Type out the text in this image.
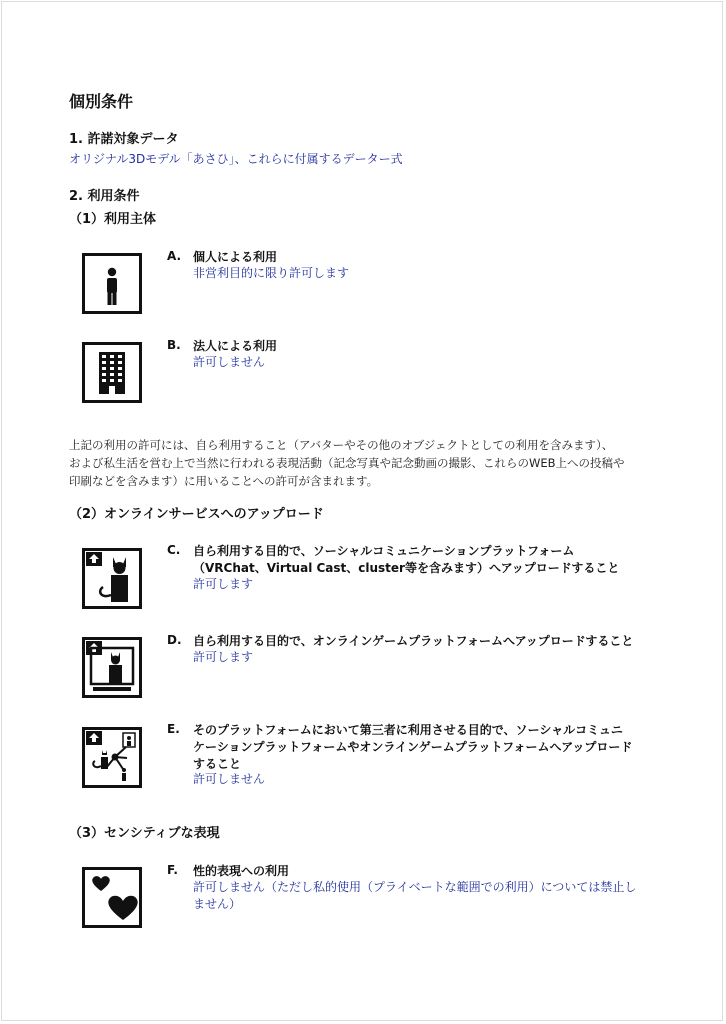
個別条件
1. 許諾対象データ
オリジナル3Dモデル「あさひ」、これらに付属するデーター式
2. 利用条件
（1）利用主体
A. 個人による利用
非営利目的に限り許可します
B. 法人による利用
許可しません
上記の利用の許可には、自ら利用すること（アバターやその他のオブジェクトとしての利用を含みます）、
および私生活を営む上で当然に行われる表現活動（記念写真や記念動画の撮影、これらのWEB上への投稿や
印刷などを含みます）に用いることへの許可が含まれます。
（2）オンラインサービスへのアップロード
C. 自ら利用する目的で、ソーシャルコミュニケーションプラットフォーム
（VRChat、Virtual Cast、cluster等を含みます）へアップロードすること
許可します
D. 自ら利用する目的で、オンラインゲームプラットフォームへアップロードすること
許可します
E. そのプラットフォームにおいて第三者に利用させる目的で、ソーシャルコミュニ
ケーションプラットフォームやオンラインゲームプラットフォームへアップロード
すること
許可しません
（3）センシティブな表現
F. 性的表現への利用
許可しません（ただし私的使用（プライベートな範囲での利用）については禁止し
ません）
